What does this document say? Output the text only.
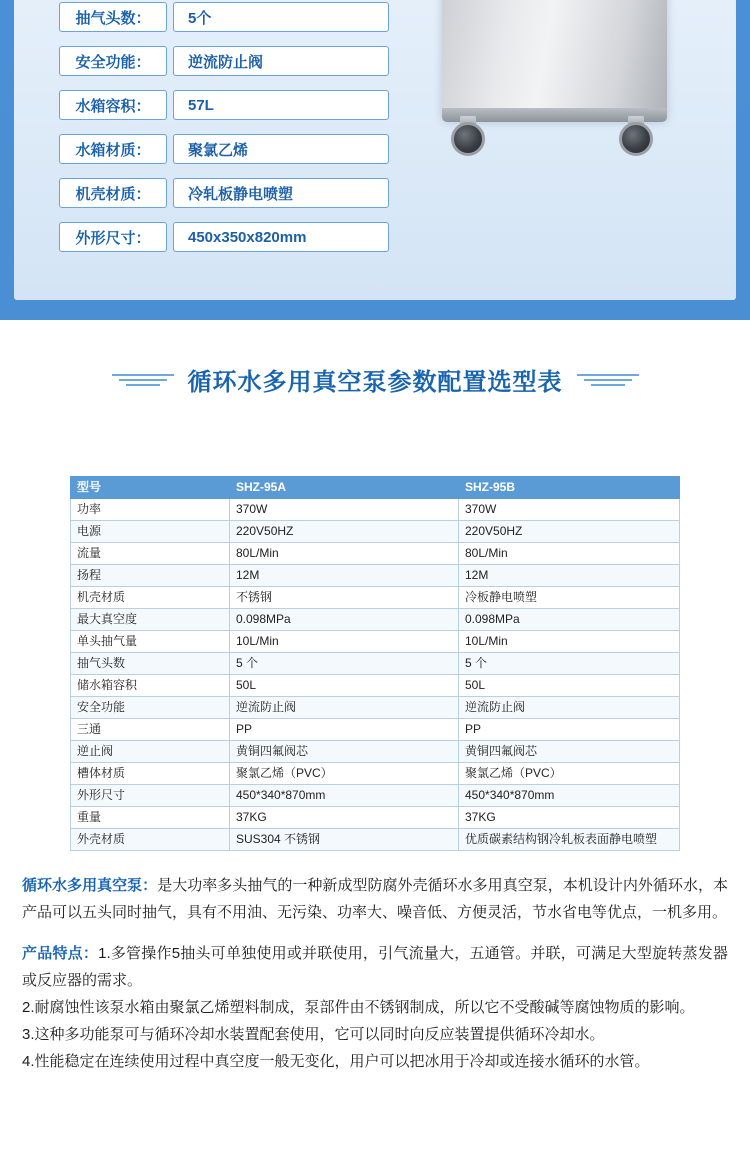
抽气头数：	5个
安全功能：	逆流防止阀
水箱容积：	57L
水箱材质：	聚氯乙烯
机壳材质：	冷轧板静电喷塑
外形尺寸：	450x350x820mm
循环水多用真空泵参数配置选型表
型号	SHZ-95A	SHZ-95B
功率	370W	370W
电源	220V50HZ	220V50HZ
流量	80L/Min	80L/Min
扬程	12M	12M
机壳材质	不锈钢	冷板静电喷塑
最大真空度	0.098MPa	0.098MPa
单头抽气量	10L/Min	10L/Min
抽气头数	5 个	5 个
储水箱容积	50L	50L
安全功能	逆流防止阀	逆流防止阀
三通	PP	PP
逆止阀	黄铜四氟阀芯	黄铜四氟阀芯
槽体材质	聚氯乙烯（PVC）	聚氯乙烯（PVC）
外形尺寸	450*340*870mm	450*340*870mm
重量	37KG	37KG
外壳材质	SUS304 不锈钢	优质碳素结构钢冷轧板表面静电喷塑

循环水多用真空泵：是大功率多头抽气的一种新成型防腐外壳循环水多用真空泵，本机设计内外循环水，本产品可以五头同时抽气，具有不用油、无污染、功率大、噪音低、方便灵活，节水省电等优点，一机多用。

产品特点：1.多管操作5抽头可单独使用或并联使用，引气流量大，五通管。并联，可满足大型旋转蒸发器或反应器的需求。

2.耐腐蚀性该泵水箱由聚氯乙烯塑料制成，泵部件由不锈钢制成，所以它不受酸碱等腐蚀物质的影响。

3.这种多功能泵可与循环冷却水装置配套使用，它可以同时向反应装置提供循环冷却水。

4.性能稳定在连续使用过程中真空度一般无变化，用户可以把冰用于冷却或连接水循环的水管。
